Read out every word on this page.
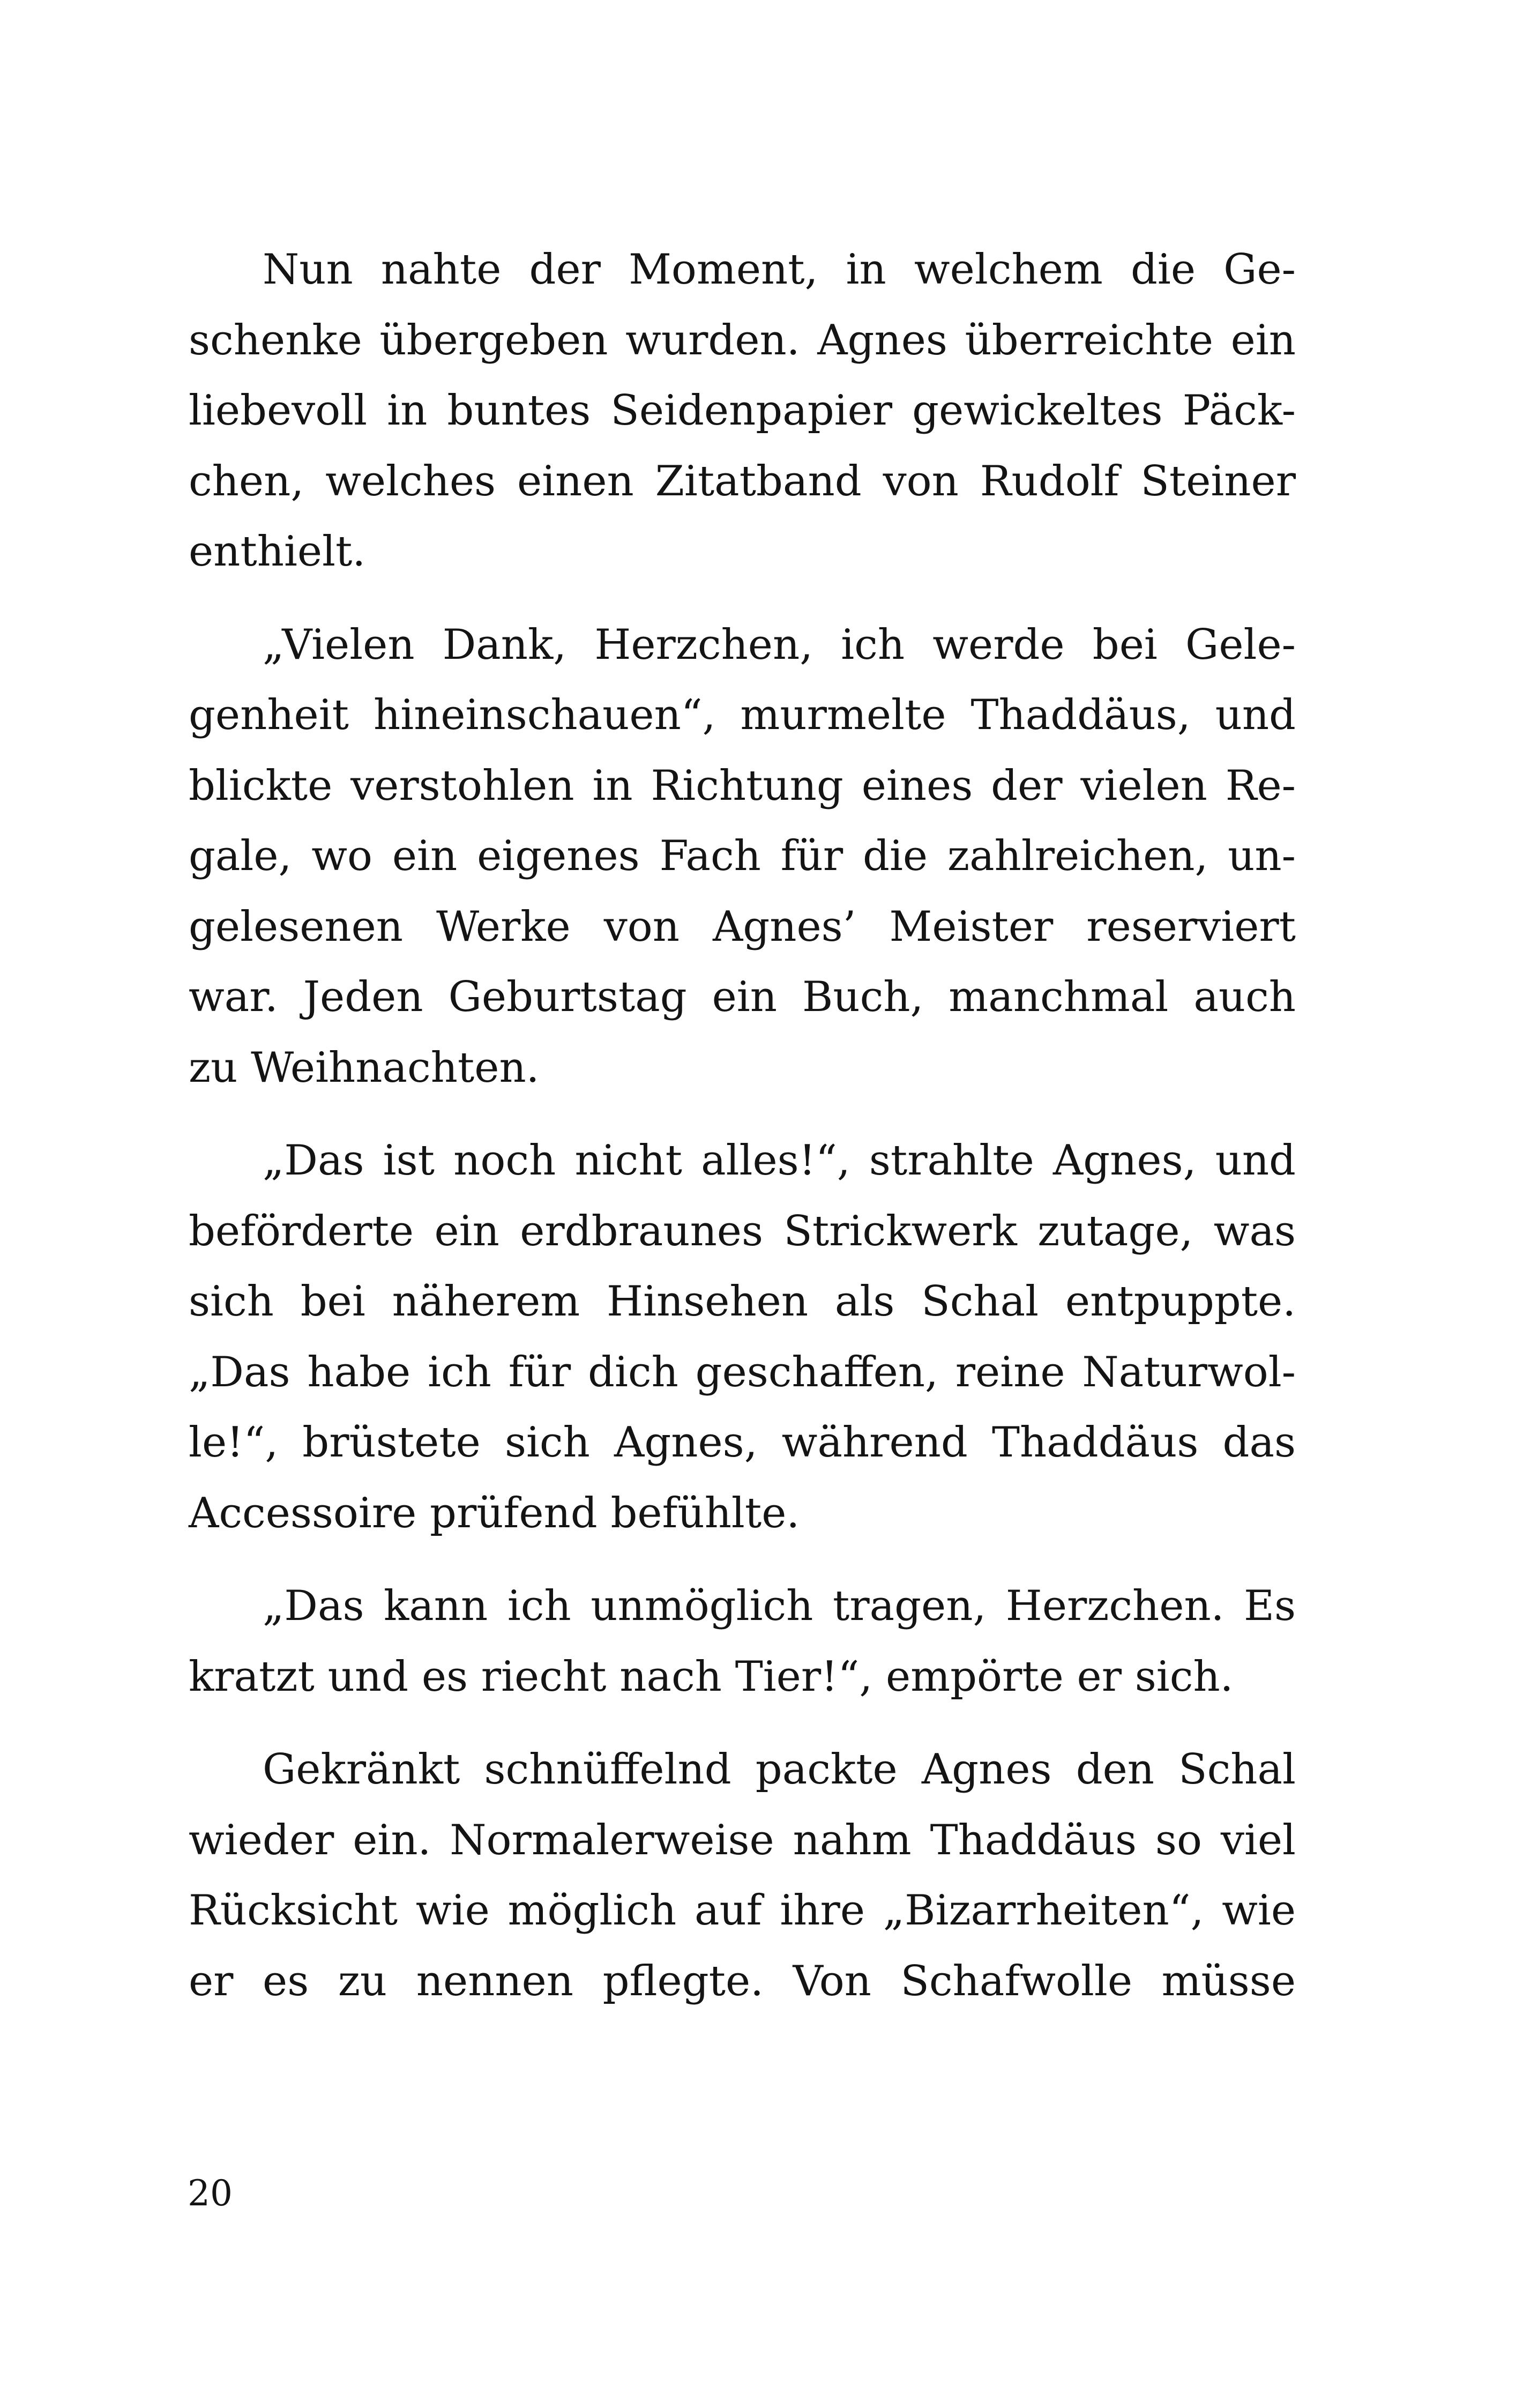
Nun nahte der Moment, in welchem die Ge-
schenke übergeben wurden. Agnes überreichte ein
liebevoll in buntes Seidenpapier gewickeltes Päck-
chen, welches einen Zitatband von Rudolf Steiner
enthielt.

„Vielen Dank, Herzchen, ich werde bei Gele-
genheit hineinschauen“, murmelte Thaddäus, und
blickte verstohlen in Richtung eines der vielen Re-
gale, wo ein eigenes Fach für die zahlreichen, un-
gelesenen Werke von Agnes’ Meister reserviert
war. Jeden Geburtstag ein Buch, manchmal auch
zu Weihnachten.

„Das ist noch nicht alles!“, strahlte Agnes, und
beförderte ein erdbraunes Strickwerk zutage, was
sich bei näherem Hinsehen als Schal entpuppte.
„Das habe ich für dich geschaffen, reine Naturwol-
le!“, brüstete sich Agnes, während Thaddäus das
Accessoire prüfend befühlte.

„Das kann ich unmöglich tragen, Herzchen. Es
kratzt und es riecht nach Tier!“, empörte er sich.

Gekränkt schnüffelnd packte Agnes den Schal
wieder ein. Normalerweise nahm Thaddäus so viel
Rücksicht wie möglich auf ihre „Bizarrheiten“, wie
er es zu nennen pflegte. Von Schafwolle müsse

20
